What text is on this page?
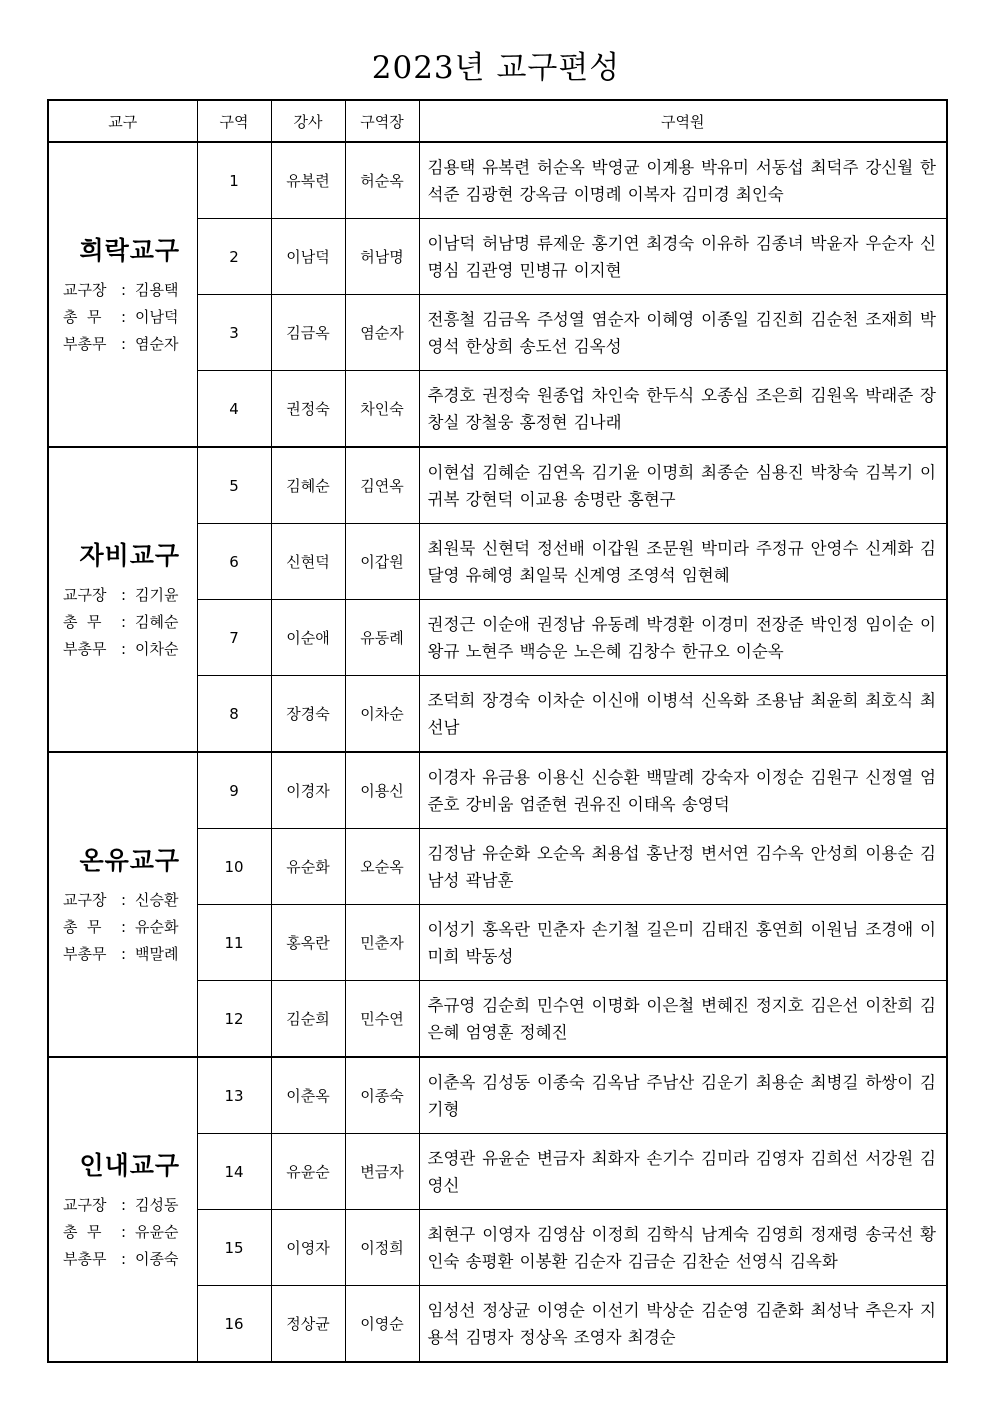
2023년 교구편성
교구	구역	강사	구역장	구역원

희락교구
교구장 : 김용택
총  무 : 이남덕
부총무 : 염순자	1	유복련	허순옥	김용택 유복련 허순옥 박영균 이계용 박유미 서동섭 최덕주 강신월 한석준 김광현 강옥금 이명례 이복자 김미경 최인숙
	2	이남덕	허남명	이남덕 허남명 류제운 홍기연 최경숙 이유하 김종녀 박윤자 우순자 신명심 김관영 민병규 이지현
	3	김금옥	염순자	전흥철 김금옥 주성열 염순자 이혜영 이종일 김진희 김순천 조재희 박영석 한상희 송도선 김옥성
	4	권정숙	차인숙	추경호 권정숙 원종업 차인숙 한두식 오종심 조은희 김원옥 박래준 장창실 장철웅 홍정현 김나래

자비교구
교구장 : 김기윤
총  무 : 김혜순
부총무 : 이차순	5	김혜순	김연옥	이현섭 김혜순 김연옥 김기윤 이명희 최종순 심용진 박창숙 김복기 이귀복 강현덕 이교용 송명란 홍현구
	6	신현덕	이갑원	최원묵 신현덕 정선배 이갑원 조문원 박미라 주정규 안영수 신계화 김달영 유혜영 최일묵 신계영 조영석 임현혜
	7	이순애	유동례	권정근 이순애 권정남 유동례 박경환 이경미 전장준 박인정 임이순 이왕규 노현주 백승운 노은혜 김창수 한규오 이순옥
	8	장경숙	이차순	조덕희 장경숙 이차순 이신애 이병석 신옥화 조용남 최윤희 최호식 최선남

온유교구
교구장 : 신승환
총  무 : 유순화
부총무 : 백말례	9	이경자	이용신	이경자 유금용 이용신 신승환 백말례 강숙자 이정순 김원구 신정열 엄준호 강비움 엄준현 권유진 이태옥 송영덕
	10	유순화	오순옥	김정남 유순화 오순옥 최용섭 홍난정 변서연 김수옥 안성희 이용순 김남성 곽남훈
	11	홍옥란	민춘자	이성기 홍옥란 민춘자 손기철 길은미 김태진 홍연희 이원님 조경애 이미희 박동성
	12	김순희	민수연	추규영 김순희 민수연 이명화 이은철 변혜진 정지호 김은선 이찬희 김은혜 엄영훈 정혜진

인내교구
교구장 : 김성동
총  무 : 유윤순
부총무 : 이종숙	13	이춘옥	이종숙	이춘옥 김성동 이종숙 김옥남 주남산 김운기 최용순 최병길 하쌍이 김기형
	14	유윤순	변금자	조영관 유윤순 변금자 최화자 손기수 김미라 김영자 김희선 서강원 김영신
	15	이영자	이정희	최현구 이영자 김영삼 이정희 김학식 남계숙 김영희 정재령 송국선 황인숙 송평환 이봉환 김순자 김금순 김찬순 선영식 김옥화
	16	정상균	이영순	임성선 정상균 이영순 이선기 박상순 김순영 김춘화 최성낙 추은자 지용석 김명자 정상옥 조영자 최경순
